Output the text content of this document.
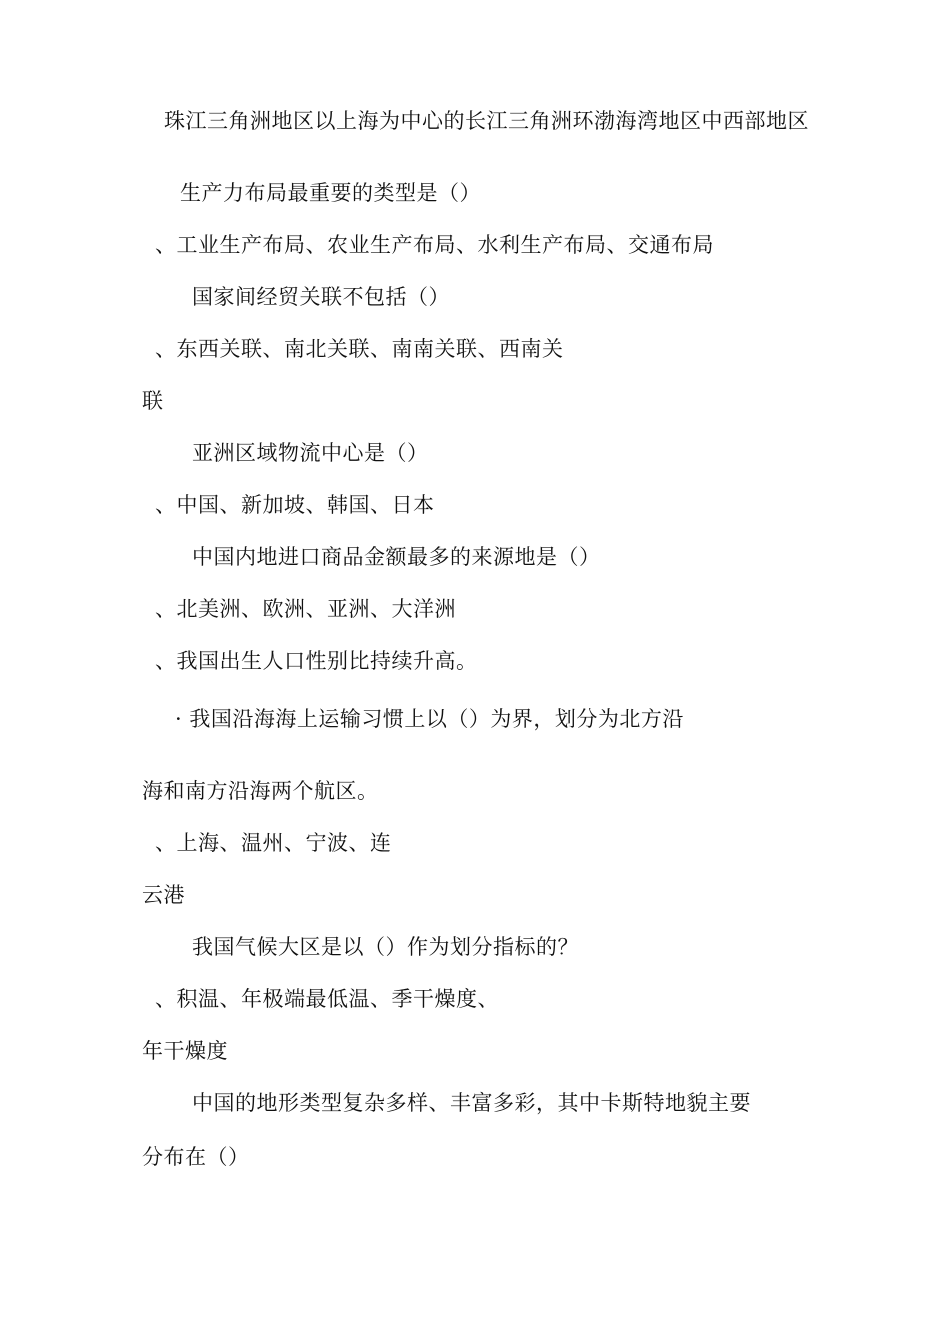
珠江三角洲地区以上海为中心的长江三角洲环渤海湾地区中西部地区
生产力布局最重要的类型是（）
、工业生产布局、农业生产布局、水利生产布局、交通布局
国家间经贸关联不包括（）
、东西关联、南北关联、南南关联、西南关
联
亚洲区域物流中心是（）
、中国、新加坡、韩国、日本
中国内地进口商品金额最多的来源地是（）
、北美洲、欧洲、亚洲、大洋洲
、我国出生人口性别比持续升高。
· 我国沿海海上运输习惯上以（）为界，划分为北方沿
海和南方沿海两个航区。
、上海、温州、宁波、连
云港
我国气候大区是以（）作为划分指标的？
、积温、年极端最低温、季干燥度、
年干燥度
中国的地形类型复杂多样、丰富多彩，其中卡斯特地貌主要
分布在（）
